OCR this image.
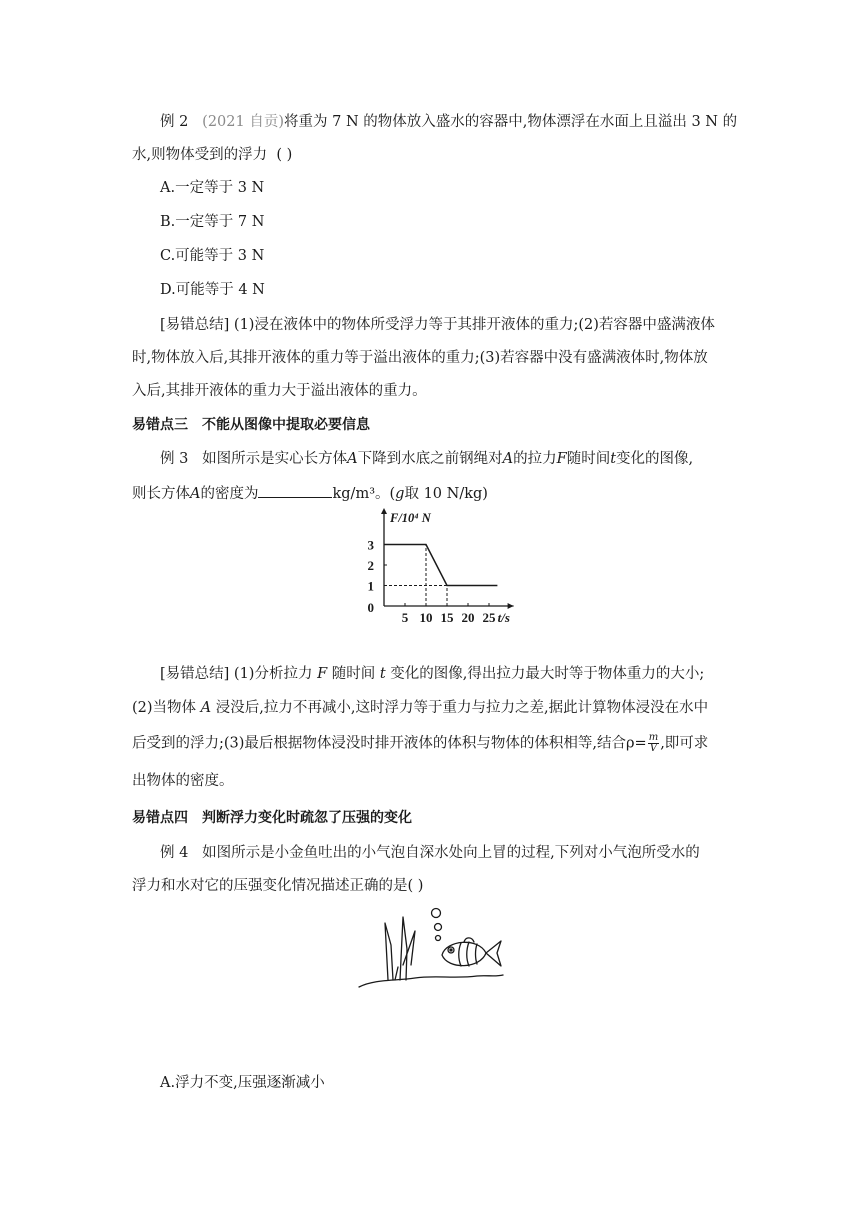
例 2 (2021 自贡)将重为 7 N 的物体放入盛水的容器中,物体漂浮在水面上且溢出 3 N 的
水,则物体受到的浮力 ( )
A.一定等于 3 N
B.一定等于 7 N
C.可能等于 3 N
D.可能等于 4 N
[易错总结] (1)浸在液体中的物体所受浮力等于其排开液体的重力;(2)若容器中盛满液体
时,物体放入后,其排开液体的重力等于溢出液体的重力;(3)若容器中没有盛满液体时,物体放
入后,其排开液体的重力大于溢出液体的重力。
易错点三　不能从图像中提取必要信息
例 3 如图所示是实心长方体A下降到水底之前钢绳对A的拉力F随时间t变化的图像,
则长方体A的密度为	kg/m³。(g取 10 N/kg)
5 10 15 20 25
1
2
3
0
F/10⁴ N
t/s
[易错总结] (1)分析拉力 F 随时间 t 变化的图像,得出拉力最大时等于物体重力的大小;
(2)当物体 A 浸没后,拉力不再减小,这时浮力等于重力与拉力之差,据此计算物体浸没在水中
后受到的浮力;(3)最后根据物体浸没时排开液体的体积与物体的体积相等,结合$\rho= \frac{m}{V}$ ,即可求
出物体的密度。
易错点四　判断浮力变化时疏忽了压强的变化
例 4 如图所示是小金鱼吐出的小气泡自深水处向上冒的过程,下列对小气泡所受水的
浮力和水对它的压强变化情况描述正确的是( )
A.浮力不变,压强逐渐减小
